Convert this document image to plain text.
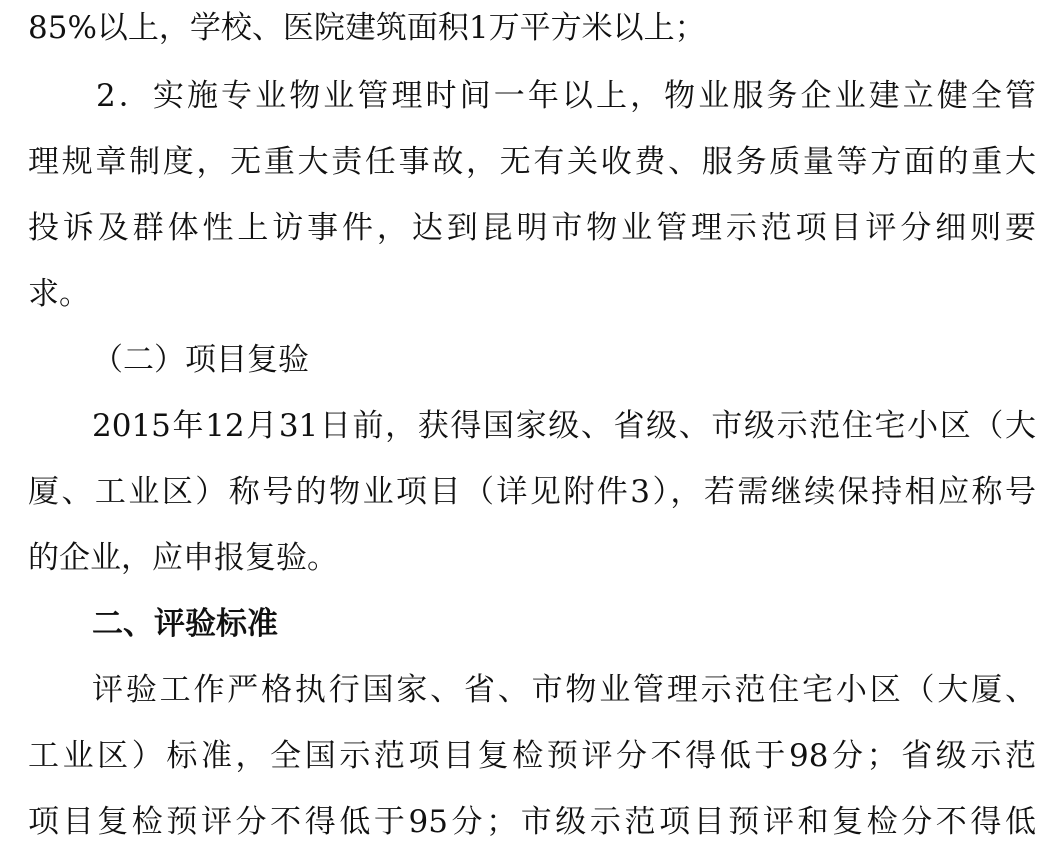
85%以上，学校、医院建筑面积1万平方米以上；
2．实施专业物业管理时间一年以上，物业服务企业建立健全管
理规章制度，无重大责任事故，无有关收费、服务质量等方面的重大
投诉及群体性上访事件，达到昆明市物业管理示范项目评分细则要
求。
（二）项目复验
2015年12月31日前，获得国家级、省级、市级示范住宅小区（大
厦、工业区）称号的物业项目（详见附件3），若需继续保持相应称号
的企业，应申报复验。
二、评验标准
评验工作严格执行国家、省、市物业管理示范住宅小区（大厦、
工业区）标准，全国示范项目复检预评分不得低于98分；省级示范
项目复检预评分不得低于95分；市级示范项目预评和复检分不得低
